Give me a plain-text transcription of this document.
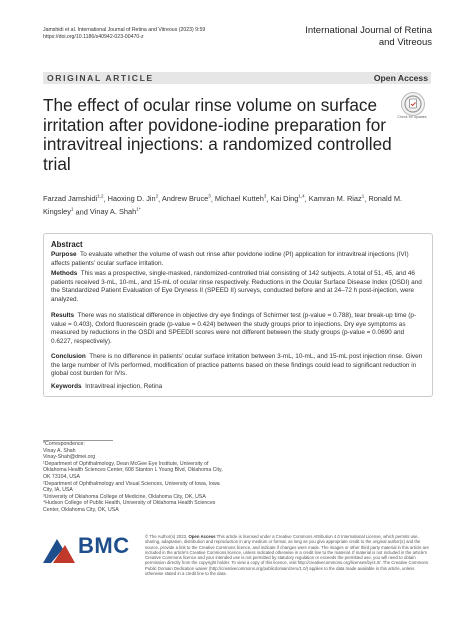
Jamshidi et al. International Journal of Retina and Vitreous (2023) 9:59
https://doi.org/10.1186/s40942-023-00470-z
International Journal of Retina
and Vitreous
ORIGINAL ARTICLE	Open Access
The effect of ocular rinse volume on surface irritation after povidone-iodine preparation for intravitreal injections: a randomized controlled trial
Check for updates
Farzad Jamshidi$^{1,2}$, Haoxing D. Jin$^2$, Andrew Bruce$^3$, Michael Kutteh$^3$, Kai Ding$^{1,4}$, Kamran M. Riaz$^1$, Ronald M. Kingsley$^1$ and Vinay A. Shah$^{1*}$
Abstract
Purpose To evaluate whether the volume of wash out rinse after povidone iodine (PI) application for intravitreal injections (IVI) affects patients' ocular surface irritation.
Methods This was a prospective, single-masked, randomized-controlled trial consisting of 142 subjects. A total of 51, 45, and 46 patients received 3-mL, 10-mL, and 15-mL of ocular rinse respectively. Reductions in the Ocular Surface Disease Index (OSDI) and the Standardized Patient Evaluation of Eye Dryness II (SPEED II) surveys, conducted before and at 24–72 h post-injection, were analyzed.
Results There was no statistical difference in objective dry eye findings of Schirmer test (p-value = 0.788), tear break-up time (p-value = 0.403), Oxford fluorescein grade (p-value = 0.424) between the study groups prior to injections. Dry eye symptoms as measured by reductions in the OSDI and SPEEDII scores were not different between the study groups (p-value = 0.0690 and 0.6227, respectively).
Conclusion There is no difference in patients' ocular surface irritation between 3-mL, 10-mL, and 15-mL post injection rinse. Given the large number of IVIs performed, modification of practice patterns based on these findings could lead to significant reduction in global cost burden for IVIs.
Keywords Intravitreal injection, Retina
*Correspondence:
Vinay A. Shah
Vinay-Shah@dmei.org
¹Department of Ophthalmology, Dean McGee Eye Institute, University of Oklahoma Health Sciences Center, 608 Stanton L Young Blvd, Oklahoma City, OK 73104, USA
²Department of Ophthalmology and Visual Sciences, University of Iowa, Iowa City, IA, USA
³University of Oklahoma College of Medicine, Oklahoma City, OK, USA
⁴Hudson College of Public Health, University of Oklahoma Health Sciences Center, Oklahoma City, OK, USA
BMC	© The Author(s) 2023. Open Access This article is licensed under a Creative Commons Attribution 4.0 International License, which permits use, sharing, adaptation, distribution and reproduction in any medium or format, as long as you give appropriate credit to the original author(s) and the source, provide a link to the Creative Commons licence, and indicate if changes were made. The images or other third party material in this article are included in the article's Creative Commons licence, unless indicated otherwise in a credit line to the material. If material is not included in the article's Creative Commons licence and your intended use is not permitted by statutory regulation or exceeds the permitted use, you will need to obtain permission directly from the copyright holder. To view a copy of this licence, visit http://creativecommons.org/licenses/by/4.0/. The Creative Commons Public Domain Dedication waiver (http://creativecommons.org/publicdomain/zero/1.0/) applies to the data made available in this article, unless otherwise stated in a credit line to the data.
